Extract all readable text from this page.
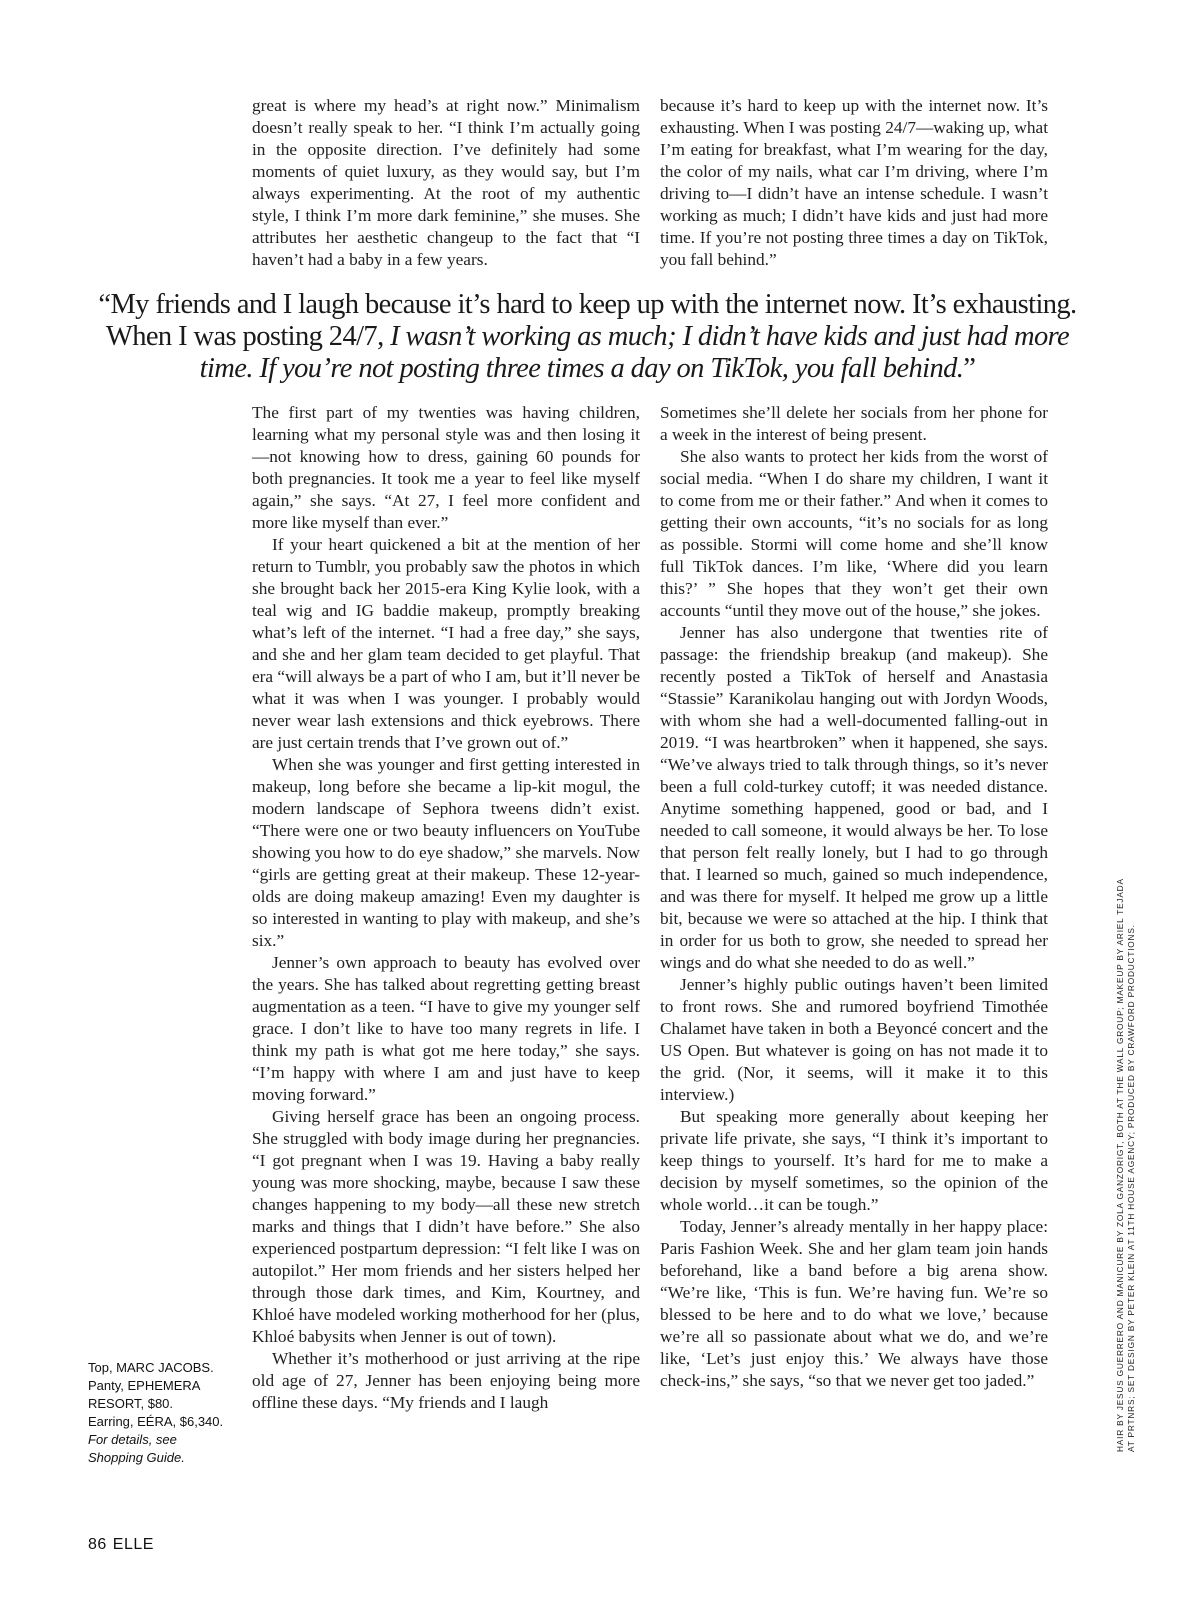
great is where my head’s at right now.” Minimalism doesn’t really speak to her. “I think I’m actually going in the opposite direction. I’ve definitely had some moments of quiet luxury, as they would say, but I’m always experimenting. At the root of my authentic style, I think I’m more dark feminine,” she muses. She attributes her aesthetic changeup to the fact that “I haven’t had a baby in a few years.

because it’s hard to keep up with the internet now. It’s exhausting. When I was posting 24/7—waking up, what I’m eating for breakfast, what I’m wearing for the day, the color of my nails, what car I’m driving, where I’m driving to—I didn’t have an intense schedule. I wasn’t working as much; I didn’t have kids and just had more time. If you’re not posting three times a day on TikTok, you fall behind.”

“My friends and I laugh because it’s hard to keep up with the internet now. It’s exhausting. When I was posting 24/7, I wasn’t working as much; I didn’t have kids and just had more time. If you’re not posting three times a day on TikTok, you fall behind.”

The first part of my twenties was having children, learning what my personal style was and then losing it—not knowing how to dress, gaining 60 pounds for both pregnancies. It took me a year to feel like myself again,” she says. “At 27, I feel more confident and more like myself than ever.”

If your heart quickened a bit at the mention of her return to Tumblr, you probably saw the photos in which she brought back her 2015-era King Kylie look, with a teal wig and IG baddie makeup, promptly breaking what’s left of the internet. “I had a free day,” she says, and she and her glam team decided to get playful. That era “will always be a part of who I am, but it’ll never be what it was when I was younger. I probably would never wear lash extensions and thick eyebrows. There are just certain trends that I’ve grown out of.”

When she was younger and first getting interested in makeup, long before she became a lip-kit mogul, the modern landscape of Sephora tweens didn’t exist. “There were one or two beauty influencers on YouTube showing you how to do eye shadow,” she marvels. Now “girls are getting great at their makeup. These 12-year-olds are doing makeup amazing! Even my daughter is so interested in wanting to play with makeup, and she’s six.”

Jenner’s own approach to beauty has evolved over the years. She has talked about regretting getting breast augmentation as a teen. “I have to give my younger self grace. I don’t like to have too many regrets in life. I think my path is what got me here today,” she says. “I’m happy with where I am and just have to keep moving forward.”

Giving herself grace has been an ongoing process. She struggled with body image during her pregnancies. “I got pregnant when I was 19. Having a baby really young was more shocking, maybe, because I saw these changes happening to my body—all these new stretch marks and things that I didn’t have before.” She also experienced postpartum depression: “I felt like I was on autopilot.” Her mom friends and her sisters helped her through those dark times, and Kim, Kourtney, and Khloé have modeled working motherhood for her (plus, Khloé babysits when Jenner is out of town).

Whether it’s motherhood or just arriving at the ripe old age of 27, Jenner has been enjoying being more offline these days. “My friends and I laugh

Sometimes she’ll delete her socials from her phone for a week in the interest of being present.

She also wants to protect her kids from the worst of social media. “When I do share my children, I want it to come from me or their father.” And when it comes to getting their own accounts, “it’s no socials for as long as possible. Stormi will come home and she’ll know full TikTok dances. I’m like, ‘Where did you learn this?’ ” She hopes that they won’t get their own accounts “until they move out of the house,” she jokes.

Jenner has also undergone that twenties rite of passage: the friendship breakup (and makeup). She recently posted a TikTok of herself and Anastasia “Stassie” Karanikolau hanging out with Jordyn Woods, with whom she had a well-documented falling-out in 2019. “I was heartbroken” when it happened, she says. “We’ve always tried to talk through things, so it’s never been a full cold-turkey cutoff; it was needed distance. Anytime something happened, good or bad, and I needed to call someone, it would always be her. To lose that person felt really lonely, but I had to go through that. I learned so much, gained so much independence, and was there for myself. It helped me grow up a little bit, because we were so attached at the hip. I think that in order for us both to grow, she needed to spread her wings and do what she needed to do as well.”

Jenner’s highly public outings haven’t been limited to front rows. She and rumored boyfriend Timothée Chalamet have taken in both a Beyoncé concert and the US Open. But whatever is going on has not made it to the grid. (Nor, it seems, will it make it to this interview.)

But speaking more generally about keeping her private life private, she says, “I think it’s important to keep things to yourself. It’s hard for me to make a decision by myself sometimes, so the opinion of the whole world…it can be tough.”

Today, Jenner’s already mentally in her happy place: Paris Fashion Week. She and her glam team join hands beforehand, like a band before a big arena show. “We’re like, ‘This is fun. We’re having fun. We’re so blessed to be here and to do what we love,’ because we’re all so passionate about what we do, and we’re like, ‘Let’s just enjoy this.’ We always have those check-ins,” she says, “so that we never get too jaded.”

Top, MARC JACOBS.
Panty, EPHEMERA
RESORT, $80.
Earring, EÉRA, $6,340.
For details, see
Shopping Guide.
HAIR BY JESUS GUERRERO AND MANICURE BY ZOLA GANZORIGT, BOTH AT THE WALL GROUP; MAKEUP BY ARIEL TEJADA AT PRTNRS; SET DESIGN BY PETER KLEIN AT 11TH HOUSE AGENCY; PRODUCED BY CRAWFORD PRODUCTIONS.
86 ELLE
